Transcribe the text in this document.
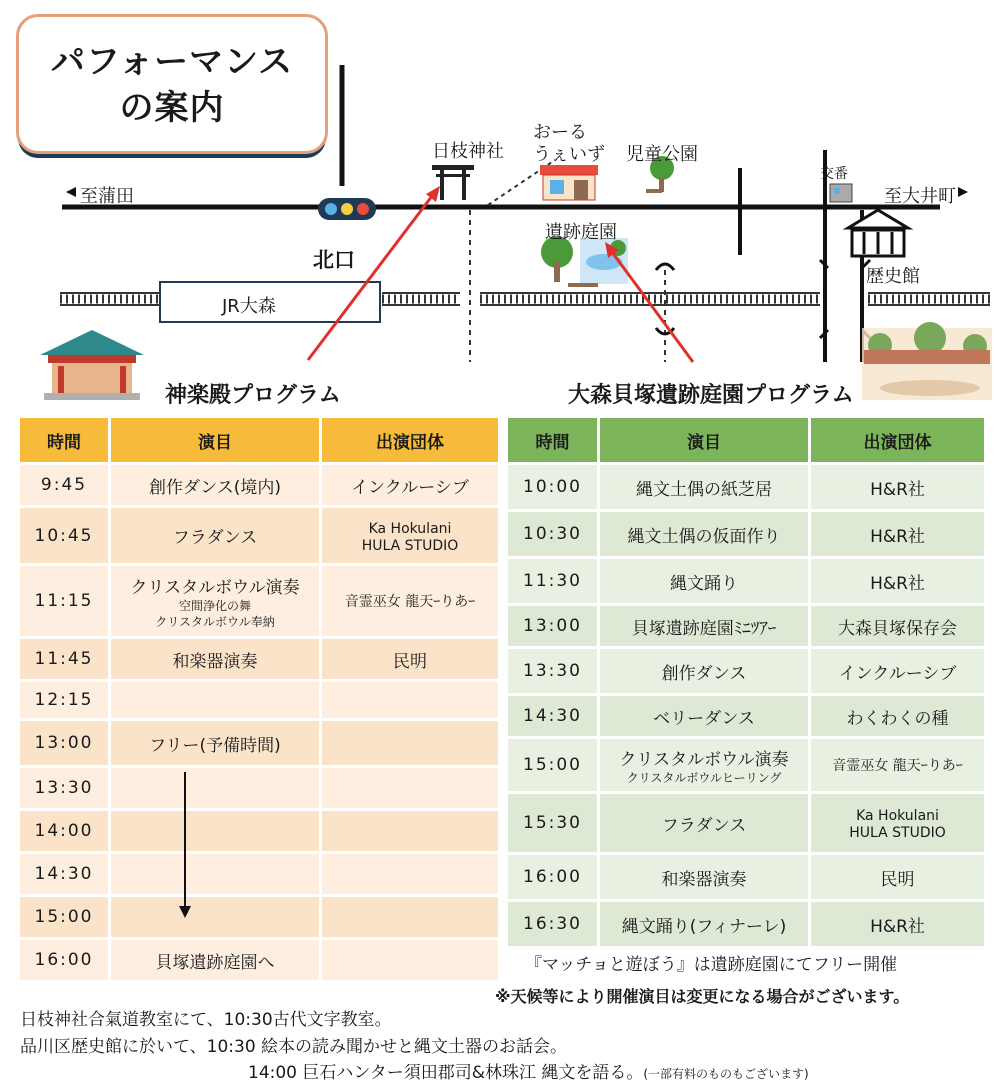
パフォーマンス
の案内
日枝神社
おーる
うぇいず 児童公園
交番
至蒲田	至大井町
北口
遺跡庭園
歴史館
JR大森
神楽殿プログラム	大森貝塚遺跡庭園プログラム
時間	演目	出演団体
9:45	創作ダンス(境内)	インクルーシブ

10:45	フラダンス	Ka Hokulani
HULA STUDIO

11:15	クリスタルボウル演奏
空間浄化の舞
クリスタルボウル奉納	音霊巫女 龍天ｰりあｰ

11:45	和楽器演奏	民明

12:15	

13:00	フリー(予備時間)

13:30	

14:00	

14:30	

15:00	

16:00	貝塚遺跡庭園へ

時間	演目	出演団体
10:00	縄文土偶の紙芝居	H&R社

10:30	縄文土偶の仮面作り	H&R社

11:30	縄文踊り	H&R社

13:00	貝塚遺跡庭園ﾐﾆﾂｱｰ	大森貝塚保存会

13:30	創作ダンス	インクルーシブ

14:30	ベリーダンス	わくわくの種

15:00	クリスタルボウル演奏
クリスタルボウルヒーリング	音霊巫女 龍天ｰりあｰ

15:30	フラダンス	Ka Hokulani
HULA STUDIO

16:00	和楽器演奏	民明

16:30	縄文踊り(フィナーレ)	H&R社
『マッチョと遊ぼう』は遺跡庭園にてフリー開催
※天候等により開催演目は変更になる場合がございます。
日枝神社合氣道教室にて、10:30古代文字教室。
品川区歴史館に於いて、10:30 絵本の読み聞かせと縄文土器のお話会。
14:00 巨石ハンター須田郡司&林珠江 縄文を語る。(一部有料のものもございます)
